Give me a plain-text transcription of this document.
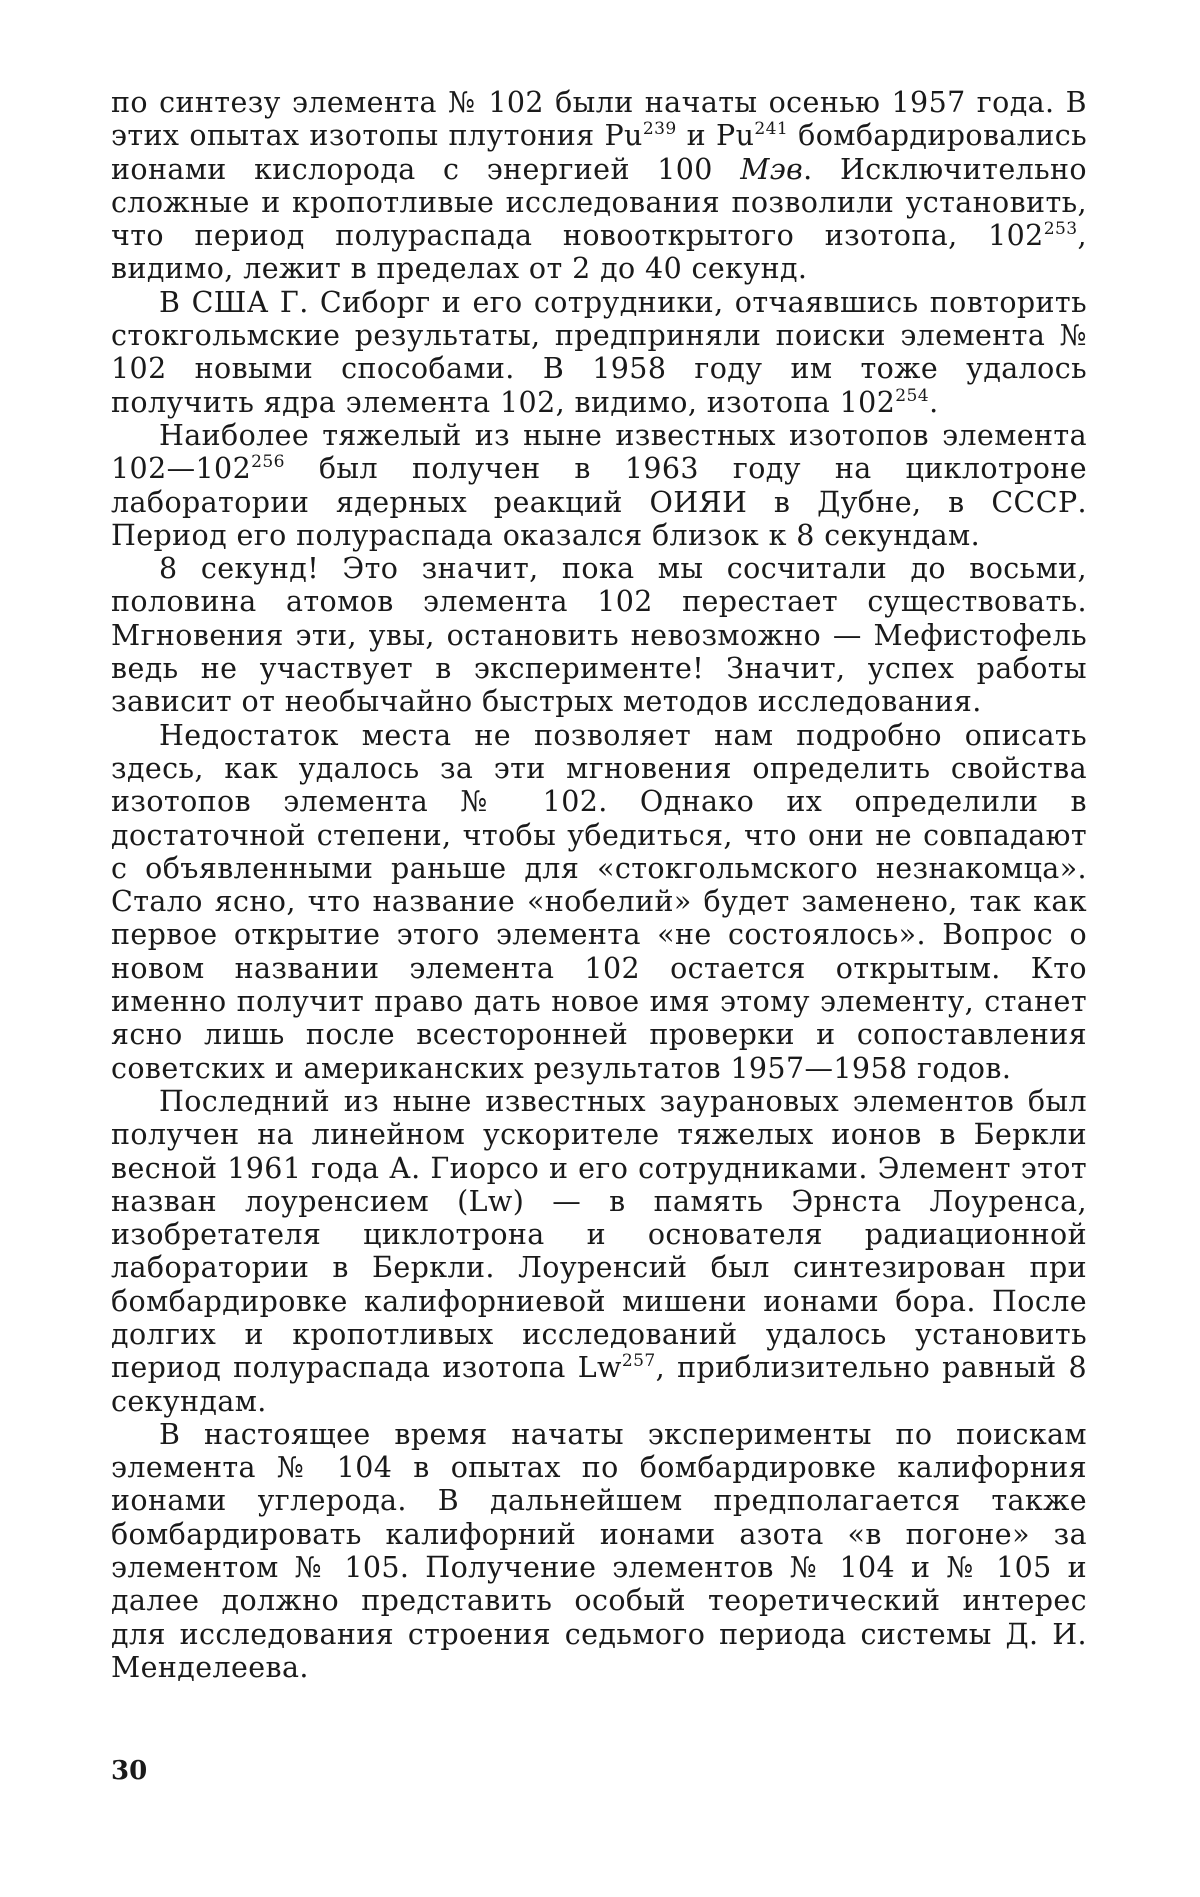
по синтезу элемента № 102 были начаты осенью 1957 года. В этих опытах изотопы плутония Pu$^{239}$ и Pu$^{241}$ бомбардировались ионами кислорода с энергией 100 Мэв. Исключительно сложные и кропотливые исследования позволили установить, что период полураспада новооткрытого изотопа, $102^{253}$, видимо, лежит в пределах от 2 до 40 секунд.

В США Г. Сиборг и его сотрудники, отчаявшись повторить стокгольмские результаты, предприняли поиски элемента № 102 новыми способами. В 1958 году им тоже удалось получить ядра элемента 102, видимо, изотопа $102^{254}$.

Наиболее тяжелый из ныне известных изотопов элемента $102—102^{256}$ был получен в 1963 году на циклотроне лаборатории ядерных реакций ОИЯИ в Дубне, в СССР. Период его полураспада оказался близок к 8 секундам.

8 секунд! Это значит, пока мы сосчитали до восьми, половина атомов элемента 102 перестает существовать. Мгновения эти, увы, остановить невозможно — Мефистофель ведь не участвует в эксперименте! Значит, успех работы зависит от необычайно быстрых методов исследования.

Недостаток места не позволяет нам подробно описать здесь, как удалось за эти мгновения определить свойства изотопов элемента № 102. Однако их определили в достаточной степени, чтобы убедиться, что они не совпадают с объявленными раньше для «стокгольмского незнакомца». Стало ясно, что название «нобелий» будет заменено, так как первое открытие этого элемента «не состоялось». Вопрос о новом названии элемента 102 остается открытым. Кто именно получит право дать новое имя этому элементу, станет ясно лишь после всесторонней проверки и сопоставления советских и американских результатов 1957—1958 годов.

Последний из ныне известных заурановых элементов был получен на линейном ускорителе тяжелых ионов в Беркли весной 1961 года А. Гиорсо и его сотрудниками. Элемент этот назван лоуренсием (Lw) — в память Эрнста Лоуренса, изобретателя циклотрона и основателя радиационной лаборатории в Беркли. Лоуренсий был синтезирован при бомбардировке калифорниевой мишени ионами бора. После долгих и кропотливых исследований удалось установить период полураспада изотопа Lw$^{257}$, приблизительно равный 8 секундам.

В настоящее время начаты эксперименты по поискам элемента № 104 в опытах по бомбардировке калифорния ионами углерода. В дальнейшем предполагается также бомбардировать калифорний ионами азота «в погоне» за элементом № 105. Получение элементов № 104 и № 105 и далее должно представить особый теоретический интерес для исследования строения седьмого периода системы Д. И. Менделеева.

30
